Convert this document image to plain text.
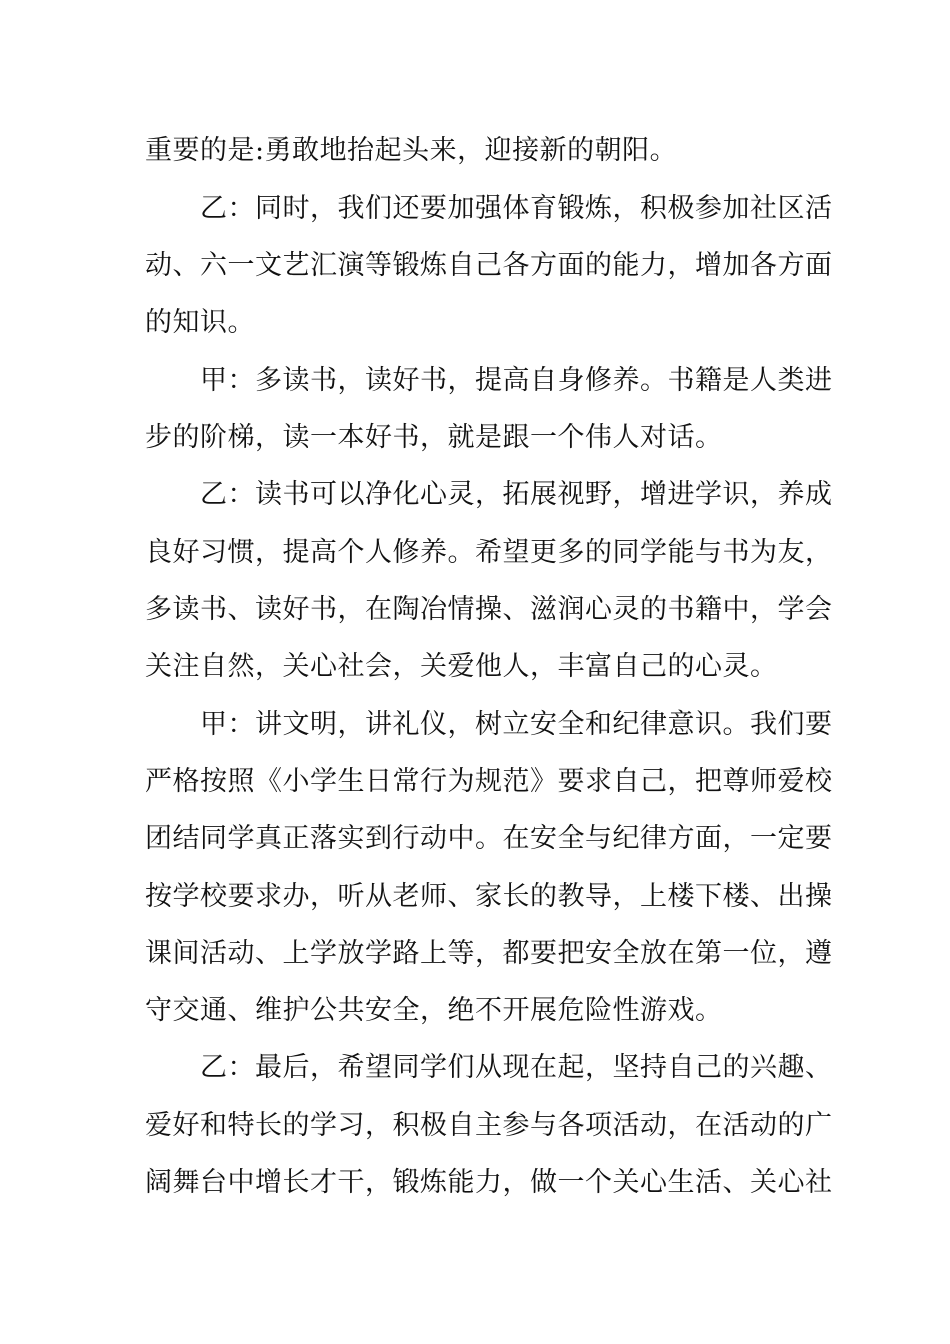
重要的是:勇敢地抬起头来，迎接新的朝阳。
乙：同时，我们还要加强体育锻炼，积极参加社区活
动、六一文艺汇演等锻炼自己各方面的能力，增加各方面
的知识。
甲：多读书，读好书，提高自身修养。书籍是人类进
步的阶梯，读一本好书，就是跟一个伟人对话。
乙：读书可以净化心灵，拓展视野，增进学识，养成
良好习惯，提高个人修养。希望更多的同学能与书为友，
多读书、读好书，在陶冶情操、滋润心灵的书籍中，学会
关注自然，关心社会，关爱他人，丰富自己的心灵。
甲：讲文明，讲礼仪，树立安全和纪律意识。我们要
严格按照《小学生日常行为规范》要求自己，把尊师爱校
团结同学真正落实到行动中。在安全与纪律方面，一定要
按学校要求办，听从老师、家长的教导，上楼下楼、出操
课间活动、上学放学路上等，都要把安全放在第一位，遵
守交通、维护公共安全，绝不开展危险性游戏。
乙：最后，希望同学们从现在起，坚持自己的兴趣、
爱好和特长的学习，积极自主参与各项活动，在活动的广
阔舞台中增长才干，锻炼能力，做一个关心生活、关心社
